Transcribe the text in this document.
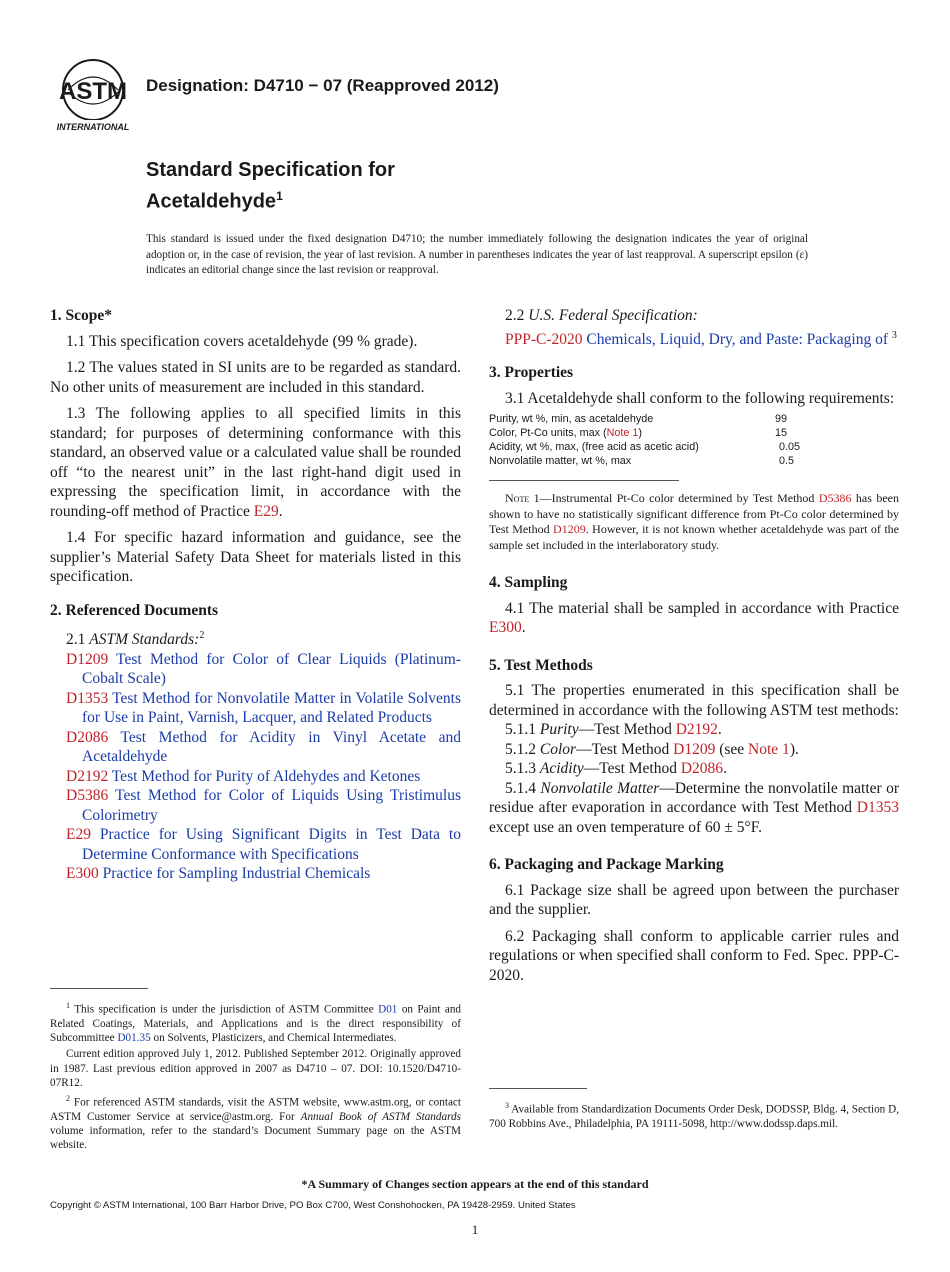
ASTM
INTERNATIONAL
Designation: D4710 − 07 (Reapproved 2012)
Standard Specification for
Acetaldehyde$^1$
This standard is issued under the fixed designation D4710; the number immediately following the designation indicates the year of original adoption or, in the case of revision, the year of last revision. A number in parentheses indicates the year of last reapproval. A superscript epsilon (ε) indicates an editorial change since the last revision or reapproval.
1. Scope*

1.1 This specification covers acetaldehyde (99 % grade).

1.2 The values stated in SI units are to be regarded as standard. No other units of measurement are included in this standard.

1.3 The following applies to all specified limits in this standard; for purposes of determining conformance with this standard, an observed value or a calculated value shall be rounded off “to the nearest unit” in the last right-hand digit used in expressing the specification limit, in accordance with the rounding-off method of Practice E29.

1.4 For specific hazard information and guidance, see the supplier’s Material Safety Data Sheet for materials listed in this specification.

2. Referenced Documents

2.1 ASTM Standards:$^2$

D1209 Test Method for Color of Clear Liquids (Platinum-Cobalt Scale)

D1353 Test Method for Nonvolatile Matter in Volatile Solvents for Use in Paint, Varnish, Lacquer, and Related Products

D2086 Test Method for Acidity in Vinyl Acetate and Acetaldehyde

D2192 Test Method for Purity of Aldehydes and Ketones

D5386 Test Method for Color of Liquids Using Tristimulus Colorimetry

E29 Practice for Using Significant Digits in Test Data to Determine Conformance with Specifications

E300 Practice for Sampling Industrial Chemicals

2.2 U.S. Federal Specification:

PPP-C-2020 Chemicals, Liquid, Dry, and Paste: Packaging of $^3$

3. Properties

3.1 Acetaldehyde shall conform to the following requirements:

Purity, wt %, min, as acetaldehyde	99
Color, Pt-Co units, max (Note 1)	15
Acidity, wt %, max, (free acid as acetic acid)	0.05
Nonvolatile matter, wt %, max	0.5

Note 1—Instrumental Pt-Co color determined by Test Method D5386 has been shown to have no statistically significant difference from Pt-Co color determined by Test Method D1209. However, it is not known whether acetaldehyde was part of the sample set included in the interlaboratory study.

4. Sampling

4.1 The material shall be sampled in accordance with Practice E300.

5. Test Methods

5.1 The properties enumerated in this specification shall be determined in accordance with the following ASTM test methods:

5.1.1 Purity—Test Method D2192.

5.1.2 Color—Test Method D1209 (see Note 1).

5.1.3 Acidity—Test Method D2086.

5.1.4 Nonvolatile Matter—Determine the nonvolatile matter or residue after evaporation in accordance with Test Method D1353 except use an oven temperature of 60 ± 5°F.

6. Packaging and Package Marking

6.1 Package size shall be agreed upon between the purchaser and the supplier.

6.2 Packaging shall conform to applicable carrier rules and regulations or when specified shall conform to Fed. Spec. PPP-C-2020.

$^1$ This specification is under the jurisdiction of ASTM Committee D01 on Paint and Related Coatings, Materials, and Applications and is the direct responsibility of Subcommittee D01.35 on Solvents, Plasticizers, and Chemical Intermediates.

Current edition approved July 1, 2012. Published September 2012. Originally approved in 1987. Last previous edition approved in 2007 as D4710 – 07. DOI: 10.1520/D4710-07R12.

$^2$ For referenced ASTM standards, visit the ASTM website, www.astm.org, or contact ASTM Customer Service at service@astm.org. For Annual Book of ASTM Standards volume information, refer to the standard’s Document Summary page on the ASTM website.

$^3$ Available from Standardization Documents Order Desk, DODSSP, Bldg. 4, Section D, 700 Robbins Ave., Philadelphia, PA 19111-5098, http://www.dodssp.daps.mil.

*A Summary of Changes section appears at the end of this standard
Copyright © ASTM International, 100 Barr Harbor Drive, PO Box C700, West Conshohocken, PA 19428-2959. United States
1
